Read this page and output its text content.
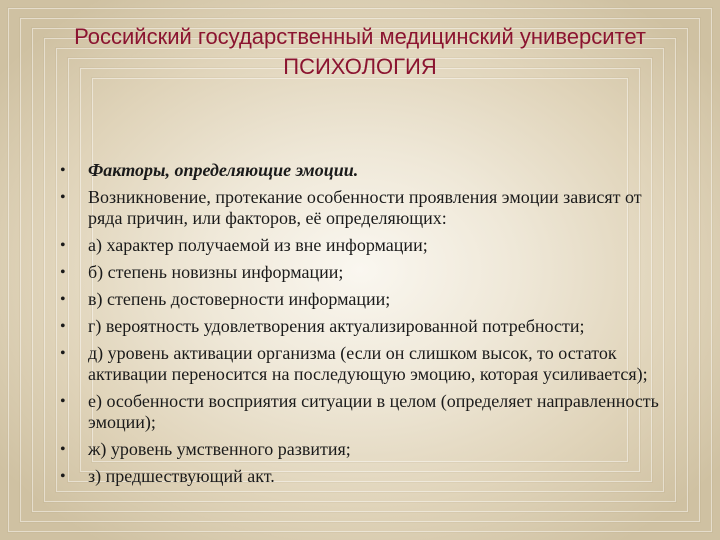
Российский государственный медицинский университет
ПСИХОЛОГИЯ
• Факторы, определяющие эмоции.
• Возникновение, протекание особенности проявления эмоции зависят от ряда причин, или факторов, её определяющих:
• а) характер получаемой из вне информации;
• б) степень новизны информации;
• в) степень достоверности информации;
• г) вероятность удовлетворения актуализированной потребности;
• д) уровень активации организма (если он слишком высок, то остаток активации переносится на последующую эмоцию, которая усиливается);
• е) особенности восприятия ситуации в целом (определяет направленность эмоции);
• ж) уровень умственного развития;
• з) предшествующий акт.
